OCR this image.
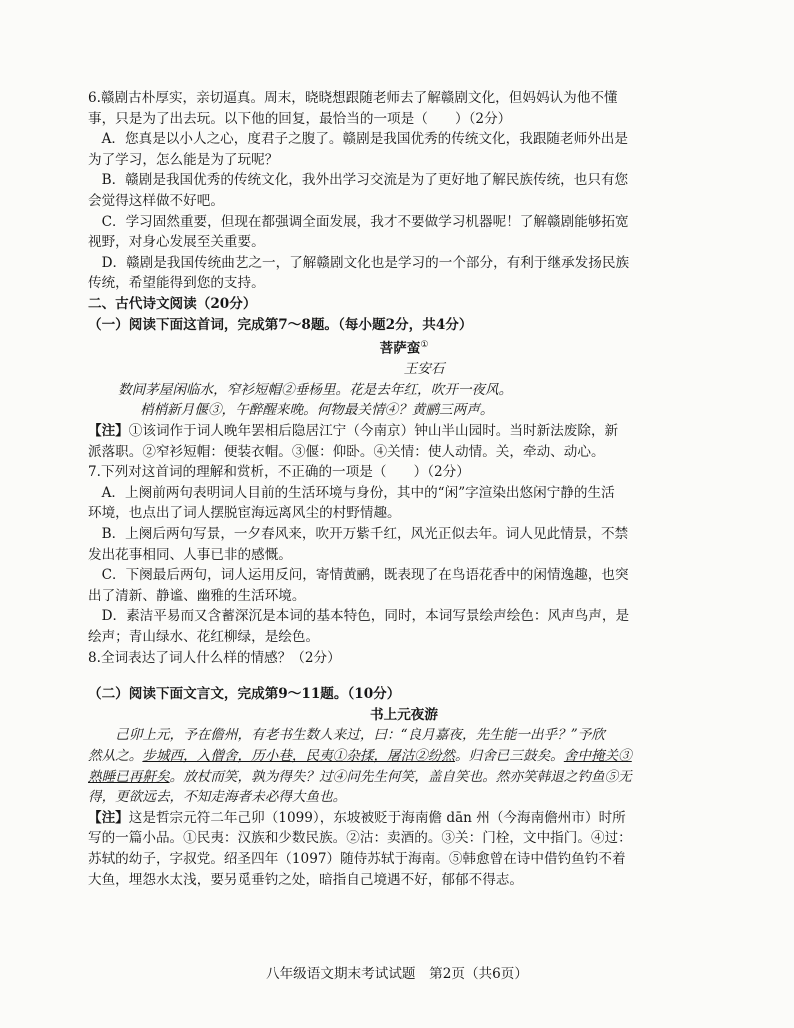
6.赣剧古朴厚实，亲切逼真。周末，晓晓想跟随老师去了解赣剧文化，但妈妈认为他不懂
事，只是为了出去玩。以下他的回复，最恰当的一项是（　　）（2分）

A．您真是以小人之心，度君子之腹了。赣剧是我国优秀的传统文化，我跟随老师外出是

为了学习，怎么能是为了玩呢？

B．赣剧是我国优秀的传统文化，我外出学习交流是为了更好地了解民族传统，也只有您

会觉得这样做不好吧。

C．学习固然重要，但现在都强调全面发展，我才不要做学习机器呢！了解赣剧能够拓宽

视野，对身心发展至关重要。

D．赣剧是我国传统曲艺之一，了解赣剧文化也是学习的一个部分，有利于继承发扬民族

传统，希望能得到您的支持。

二、古代诗文阅读（20分）

（一）阅读下面这首词，完成第7～8题。（每小题2分，共4分）

菩萨蛮①

王安石

数间茅屋闲临水，窄衫短帽②垂杨里。花是去年红，吹开一夜风。

梢梢新月偃③，午醉醒来晚。何物最关情④？黄鹂三两声。

【注】①该词作于词人晚年罢相后隐居江宁（今南京）钟山半山园时。当时新法废除，新
派落职。②窄衫短帽：便装衣帽。③偃：仰卧。④关情：使人动情。关，牵动、动心。

7.下列对这首词的理解和赏析，不正确的一项是（　　）（2分）

A．上阕前两句表明词人目前的生活环境与身份，其中的“闲”字渲染出悠闲宁静的生活

环境，也点出了词人摆脱宦海远离风尘的村野情趣。

B．上阕后两句写景，一夕春风来，吹开万紫千红，风光正似去年。词人见此情景，不禁

发出花事相同、人事已非的感慨。

C．下阕最后两句，词人运用反问，寄情黄鹂，既表现了在鸟语花香中的闲情逸趣，也突

出了清新、静谧、幽雅的生活环境。

D．素洁平易而又含蓄深沉是本词的基本特色，同时，本词写景绘声绘色：风声鸟声，是

绘声；青山绿水、花红柳绿，是绘色。

8.全词表达了词人什么样的情感？（2分）

（二）阅读下面文言文，完成第9～11题。（10分）

书上元夜游

己卯上元，予在儋州，有老书生数人来过，曰：“良月嘉夜，先生能一出乎？”予欣
然从之。步城西，入僧舍，历小巷，民夷①杂揉，屠沽②纷然。归舍已三鼓矣。舍中掩关③
熟睡已再鼾矣。放杖而笑，孰为得失？过④问先生何笑，盖自笑也。然亦笑韩退之钓鱼⑤无
得，更欲远去，不知走海者未必得大鱼也。

【注】这是哲宗元符二年己卯（1099），东坡被贬于海南儋 dān 州（今海南儋州市）时所
写的一篇小品。①民夷：汉族和少数民族。②沽：卖酒的。③关：门栓，文中指门。④过：
苏轼的幼子，字叔党。绍圣四年（1097）随侍苏轼于海南。⑤韩愈曾在诗中借钓鱼钓不着
大鱼，埋怨水太浅，要另觅垂钓之处，暗指自己境遇不好，郁郁不得志。

八年级语文期末考试试题　第2页（共6页）
